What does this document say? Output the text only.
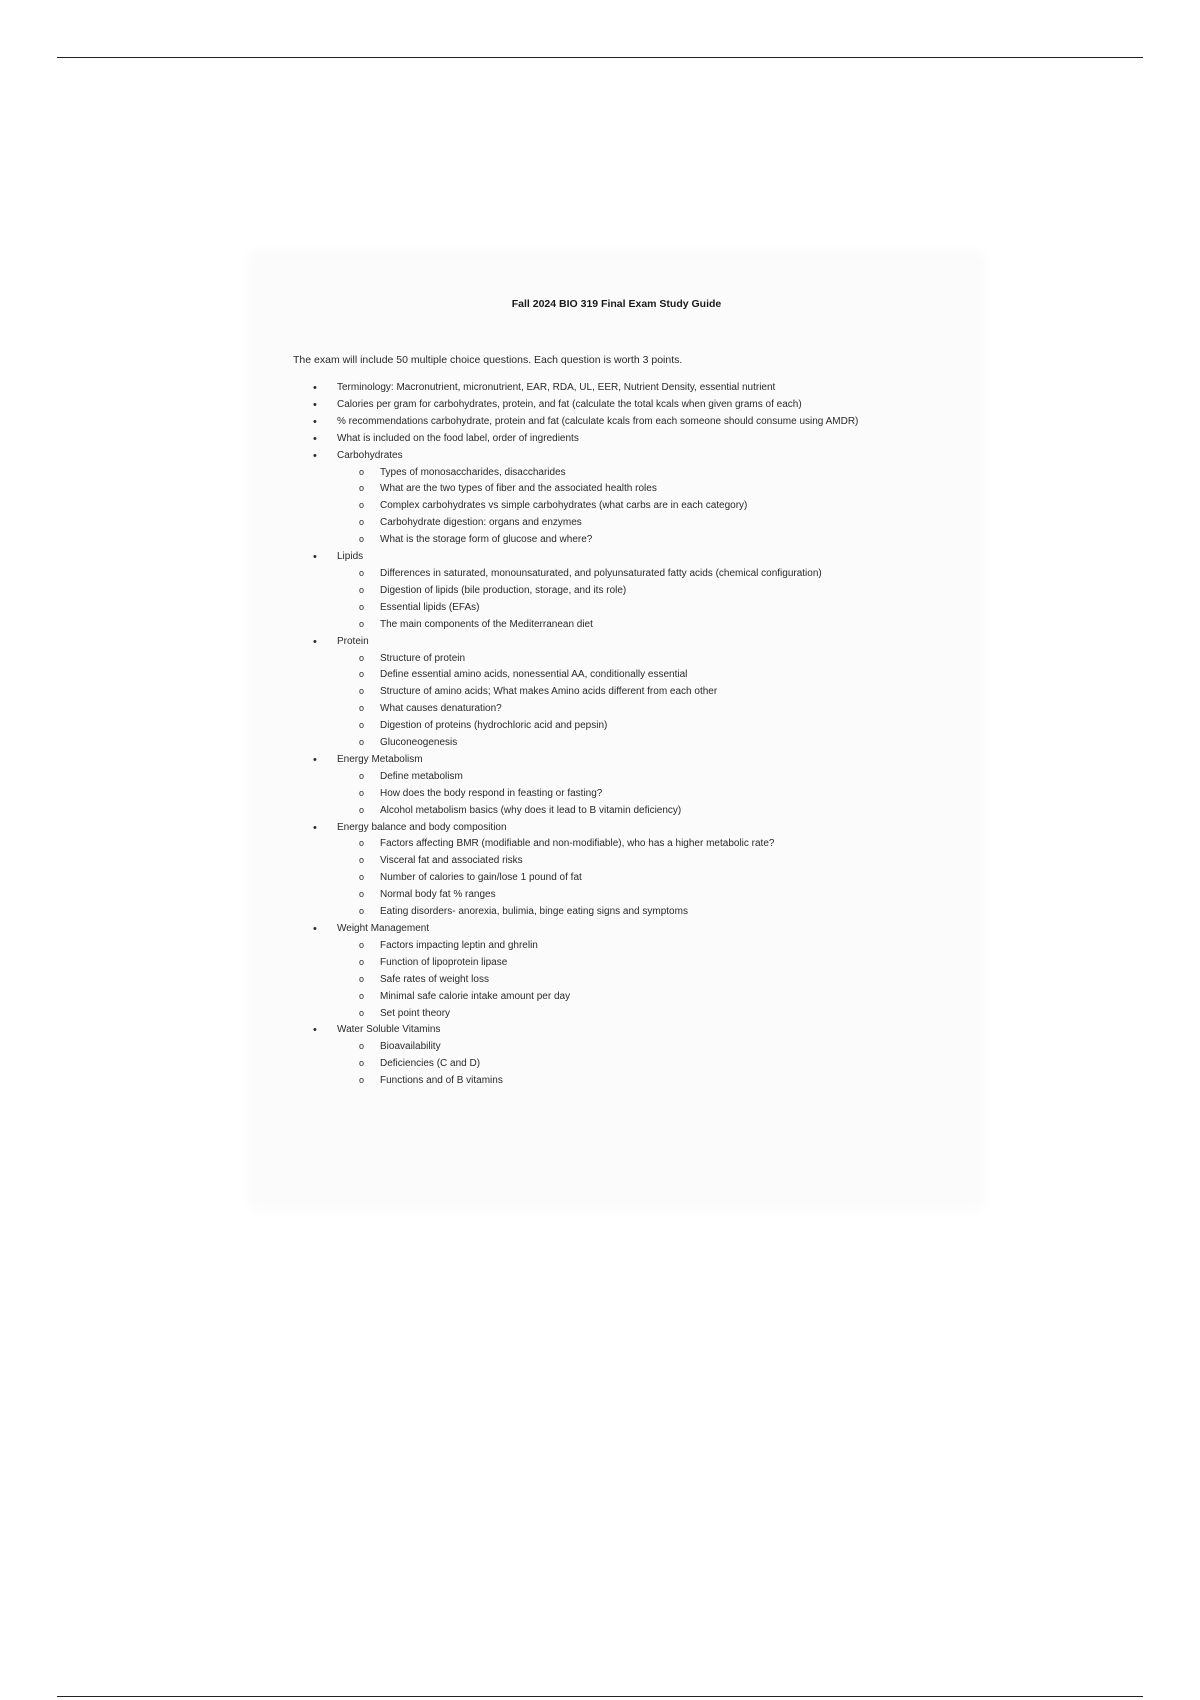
Fall 2024 BIO 319 Final Exam Study Guide

The exam will include 50 multiple choice questions. Each question is worth 3 points.

• Terminology: Macronutrient, micronutrient, EAR, RDA, UL, EER, Nutrient Density, essential nutrient
• Calories per gram for carbohydrates, protein, and fat (calculate the total kcals when given grams of each)
• % recommendations carbohydrate, protein and fat (calculate kcals from each someone should consume using AMDR)
• What is included on the food label, order of ingredients
• Carbohydrates
o Types of monosaccharides, disaccharides
o What are the two types of fiber and the associated health roles
o Complex carbohydrates vs simple carbohydrates (what carbs are in each category)
o Carbohydrate digestion: organs and enzymes
o What is the storage form of glucose and where?
• Lipids
o Differences in saturated, monounsaturated, and polyunsaturated fatty acids (chemical configuration)
o Digestion of lipids (bile production, storage, and its role)
o Essential lipids (EFAs)
o The main components of the Mediterranean diet
• Protein
o Structure of protein
o Define essential amino acids, nonessential AA, conditionally essential
o Structure of amino acids; What makes Amino acids different from each other
o What causes denaturation?
o Digestion of proteins (hydrochloric acid and pepsin)
o Gluconeogenesis
• Energy Metabolism
o Define metabolism
o How does the body respond in feasting or fasting?
o Alcohol metabolism basics (why does it lead to B vitamin deficiency)
• Energy balance and body composition
o Factors affecting BMR (modifiable and non-modifiable), who has a higher metabolic rate?
o Visceral fat and associated risks
o Number of calories to gain/lose 1 pound of fat
o Normal body fat % ranges
o Eating disorders- anorexia, bulimia, binge eating signs and symptoms
• Weight Management
o Factors impacting leptin and ghrelin
o Function of lipoprotein lipase
o Safe rates of weight loss
o Minimal safe calorie intake amount per day
o Set point theory
• Water Soluble Vitamins
o Bioavailability
o Deficiencies (C and D)
o Functions and of B vitamins
